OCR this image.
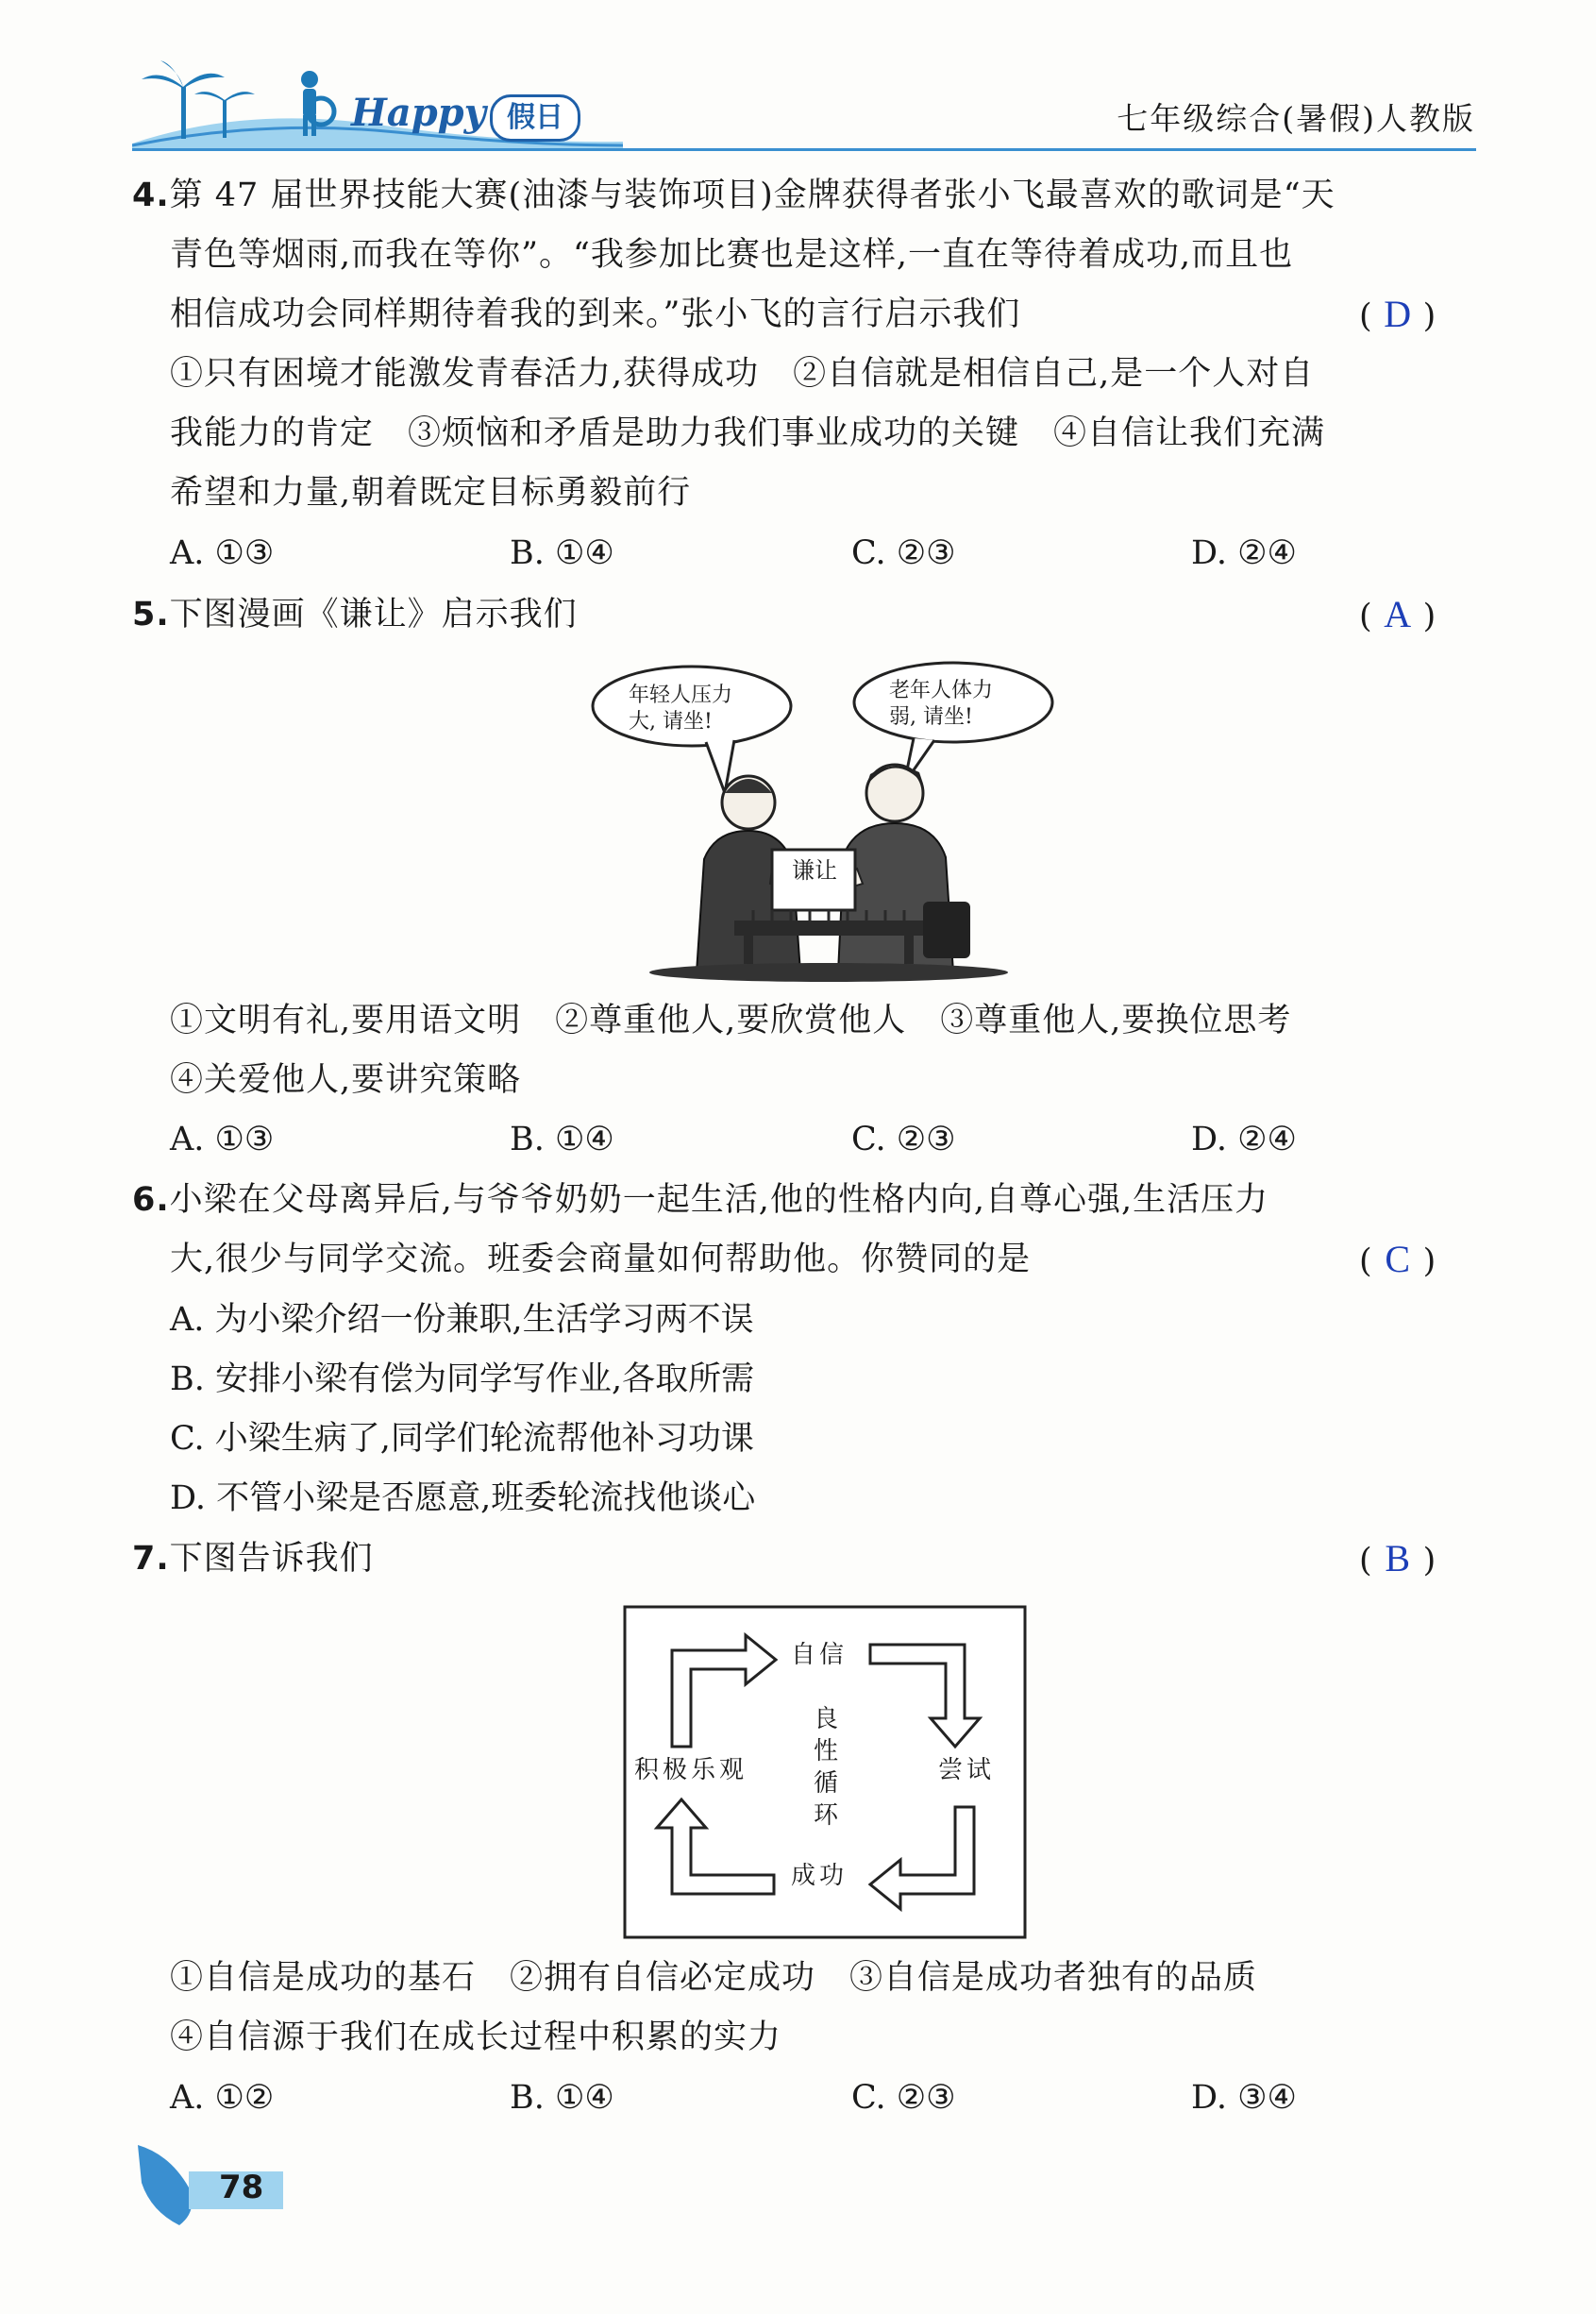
Happy 假日	七年级综合(暑假)人教版
4.第 47 届世界技能大赛(油漆与装饰项目)金牌获得者张小飞最喜欢的歌词是“天
青色等烟雨,而我在等你”。“我参加比赛也是这样,一直在等待着成功,而且也
相信成功会同样期待着我的到来。”张小飞的言行启示我们	( D )
①只有困境才能激发青春活力,获得成功　②自信就是相信自己,是一个人对自
我能力的肯定　③烦恼和矛盾是助力我们事业成功的关键　④自信让我们充满
希望和力量,朝着既定目标勇毅前行
A. ①③	B. ①④	C. ②③	D. ②④
5.下图漫画《谦让》启示我们	( A )
年轻人压力
大, 请坐!
老年人体力
弱, 请坐!
谦让
①文明有礼,要用语文明　②尊重他人,要欣赏他人　③尊重他人,要换位思考
④关爱他人,要讲究策略
A. ①③	B. ①④	C. ②③	D. ②④
6.小梁在父母离异后,与爷爷奶奶一起生活,他的性格内向,自尊心强,生活压力
大,很少与同学交流。班委会商量如何帮助他。你赞同的是	( C )
A. 为小梁介绍一份兼职,生活学习两不误
B. 安排小梁有偿为同学写作业,各取所需
C. 小梁生病了,同学们轮流帮他补习功课
D. 不管小梁是否愿意,班委轮流找他谈心
7.下图告诉我们	( B )
自信
尝试
成功
积极乐观
良
性
循
环
①自信是成功的基石　②拥有自信必定成功　③自信是成功者独有的品质
④自信源于我们在成长过程中积累的实力
A. ①②	B. ①④	C. ②③	D. ③④
78
